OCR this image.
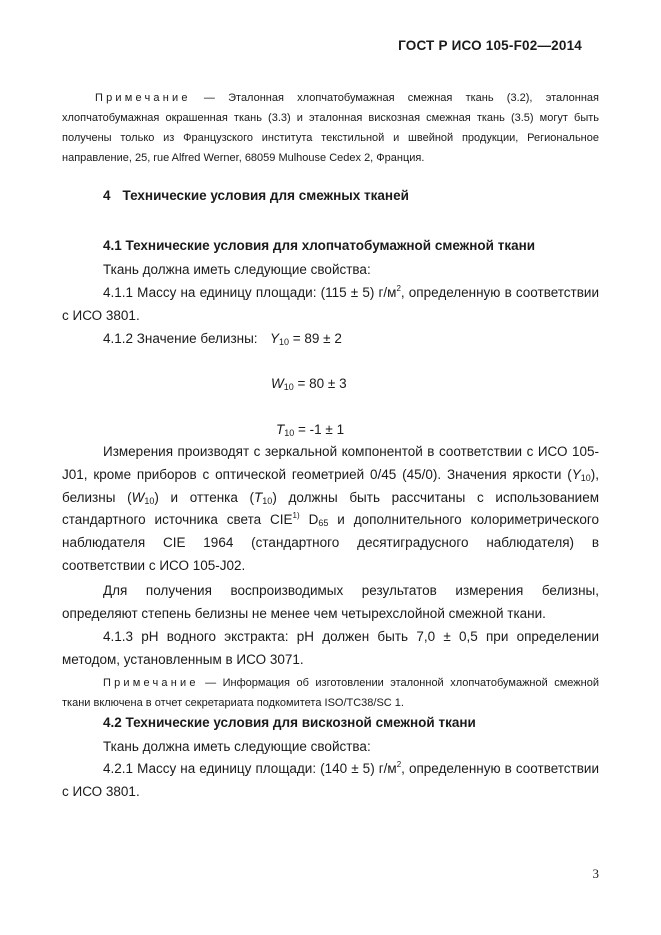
ГОСТ Р ИСО 105-F02—2014
Примечание — Эталонная хлопчатобумажная смежная ткань (3.2), эталонная хлопчатобумажная окрашенная ткань (3.3) и эталонная вискозная смежная ткань (3.5) могут быть получены только из Французского института текстильной и швейной продукции, Региональное направление, 25, rue Alfred Werner, 68059 Mulhouse Cedex 2, Франция.
4 Технические условия для смежных тканей
4.1 Технические условия для хлопчатобумажной смежной ткани
Ткань должна иметь следующие свойства:
4.1.1 Массу на единицу площади: (115 ± 5) $г/м^2$, определенную в соответствии с ИСО 3801.
4.1.2 Значение белизны: $Y_{10} = 89 \pm 2$
$W_{10} = 80 \pm 3$
$T_{10} = -1 \pm 1$
Измерения производят с зеркальной компонентой в соответствии с ИСО 105-J01, кроме приборов с оптической геометрией 0/45 (45/0). Значения яркости $(Y_{10})$, белизны $(W_{10})$ и оттенка $(T_{10})$ должны быть рассчитаны с использованием стандартного источника света CIE$^{1)}$ $D_{65}$ и дополнительного колориметрического наблюдателя CIE 1964 (стандартного десятиградусного наблюдателя) в соответствии с ИСО 105-J02.
Для получения воспроизводимых результатов измерения белизны, определяют степень белизны не менее чем четырехслойной смежной ткани.
4.1.3 рН водного экстракта: рН должен быть 7,0 ± 0,5 при определении методом, установленным в ИСО 3071.
Примечание — Информация об изготовлении эталонной хлопчатобумажной смежной ткани включена в отчет секретариата подкомитета ISO/TC38/SC 1.
4.2 Технические условия для вискозной смежной ткани
Ткань должна иметь следующие свойства:
4.2.1 Массу на единицу площади: (140 ± 5) $г/м^2$, определенную в соответствии с ИСО 3801.
3
